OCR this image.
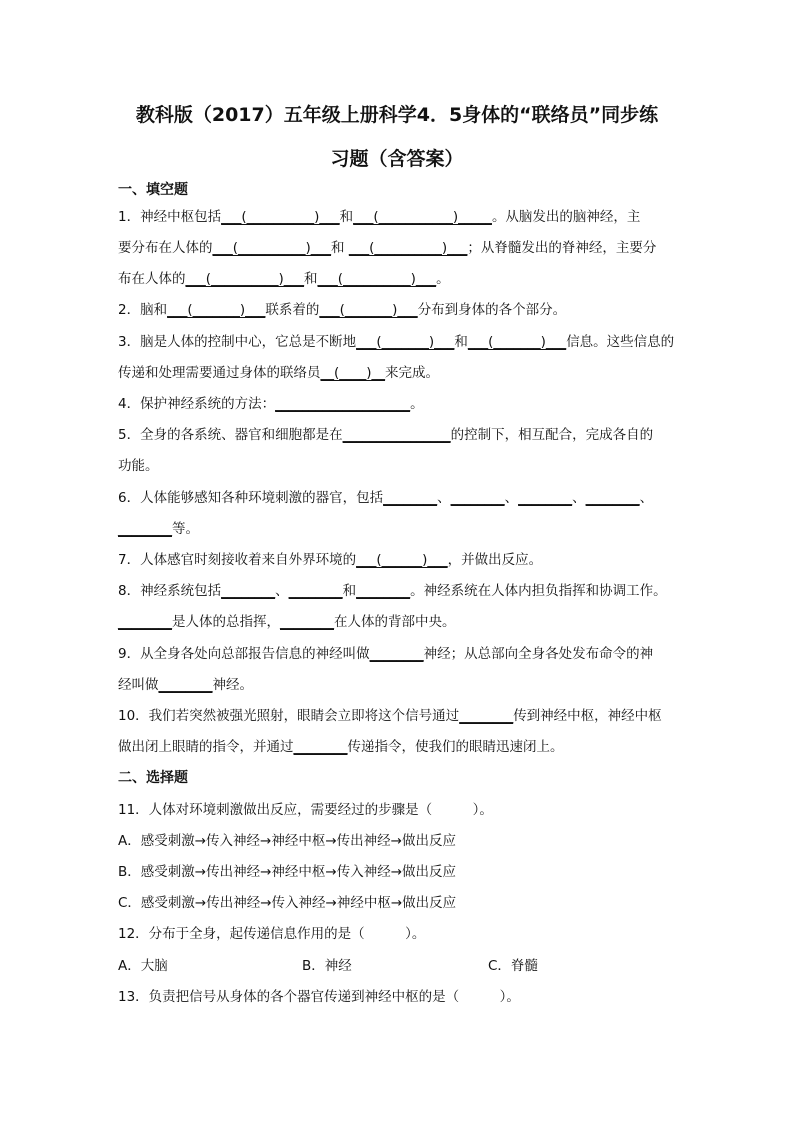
教科版（2017）五年级上册科学4．5身体的“联络员”同步练
习题（含答案）
一、填空题
1．神经中枢包括___(__________)___和___(___________)_____。从脑发出的脑神经，主
要分布在人体的___(__________)___和 ___(__________)___；从脊髓发出的脊神经，主要分
布在人体的___(__________)___和___(__________)___。
2．脑和___(_______)___联系着的___(_______)___分布到身体的各个部分。
3．脑是人体的控制中心，它总是不断地___(_______)___和___(_______)___信息。这些信息的
传递和处理需要通过身体的联络员__(____)__来完成。
4．保护神经系统的方法：____________________。
5．全身的各系统、器官和细胞都是在________________的控制下，相互配合，完成各自的
功能。
6．人体能够感知各种环境刺激的器官，包括________、________、________、________、
________等。
7．人体感官时刻接收着来自外界环境的___(______)___，并做出反应。
8．神经系统包括________、________和________。神经系统在人体内担负指挥和协调工作。
________是人体的总指挥，________在人体的背部中央。
9．从全身各处向总部报告信息的神经叫做________神经；从总部向全身各处发布命令的神
经叫做________神经。
10．我们若突然被强光照射，眼睛会立即将这个信号通过________传到神经中枢，神经中枢
做出闭上眼睛的指令，并通过________传递指令，使我们的眼睛迅速闭上。
二、选择题
11．人体对环境刺激做出反应，需要经过的步骤是（　　　）。
A．感受刺激→传入神经→神经中枢→传出神经→做出反应
B．感受刺激→传出神经→神经中枢→传入神经→做出反应
C．感受刺激→传出神经→传入神经→神经中枢→做出反应
12．分布于全身，起传递信息作用的是（　　　）。
A．大脑	B．神经	C．脊髓
13．负责把信号从身体的各个器官传递到神经中枢的是（　　　）。
